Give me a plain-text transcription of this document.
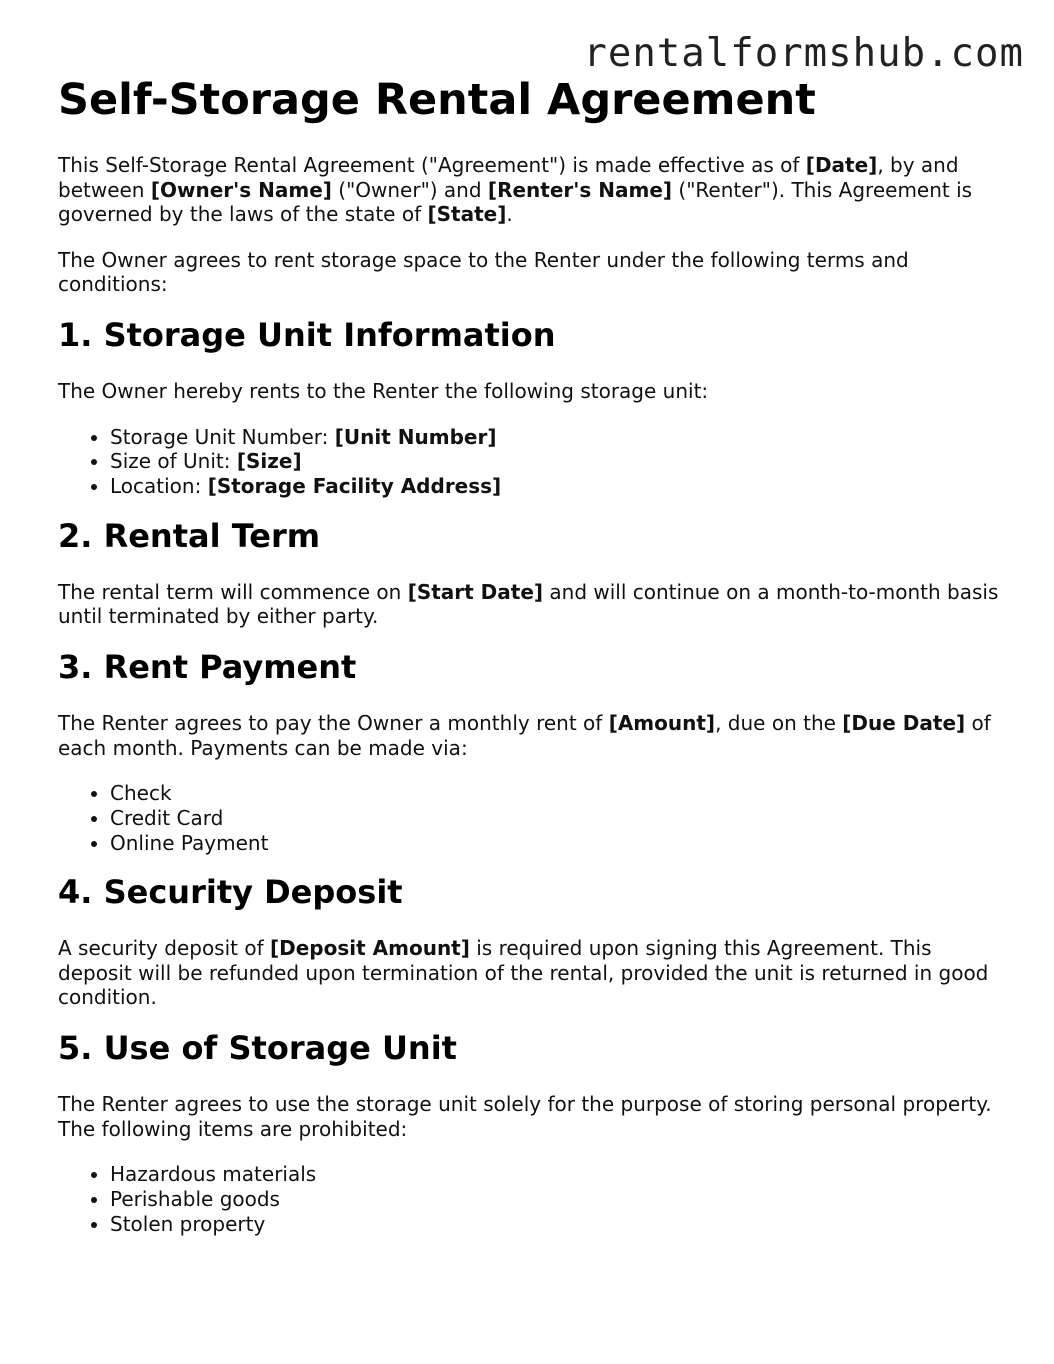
rentalformshub.com
Self-Storage Rental Agreement

This Self-Storage Rental Agreement ("Agreement") is made effective as of [Date], by and between [Owner's Name] ("Owner") and [Renter's Name] ("Renter"). This Agreement is governed by the laws of the state of [State].

The Owner agrees to rent storage space to the Renter under the following terms and conditions:

1. Storage Unit Information

The Owner hereby rents to the Renter the following storage unit:

• Storage Unit Number: [Unit Number]
• Size of Unit: [Size]
• Location: [Storage Facility Address]
2. Rental Term

The rental term will commence on [Start Date] and will continue on a month-to-month basis until terminated by either party.

3. Rent Payment

The Renter agrees to pay the Owner a monthly rent of [Amount], due on the [Due Date] of each month. Payments can be made via:

• Check
• Credit Card
• Online Payment
4. Security Deposit

A security deposit of [Deposit Amount] is required upon signing this Agreement. This deposit will be refunded upon termination of the rental, provided the unit is returned in good condition.

5. Use of Storage Unit

The Renter agrees to use the storage unit solely for the purpose of storing personal property. The following items are prohibited:

• Hazardous materials
• Perishable goods
• Stolen property
